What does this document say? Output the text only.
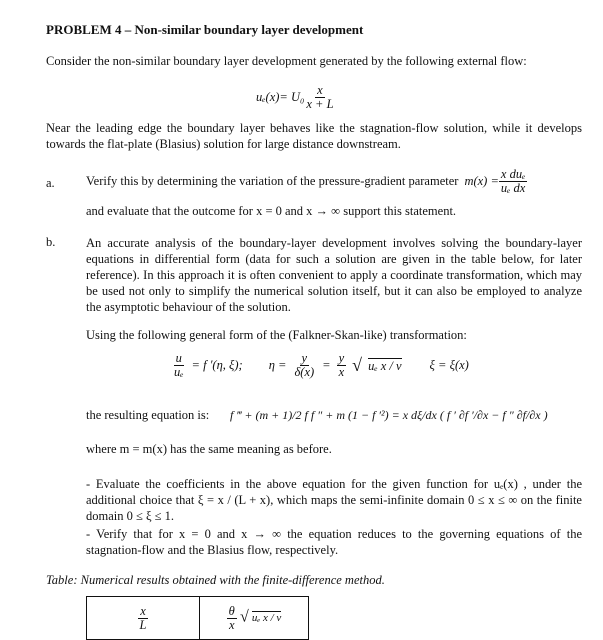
PROBLEM 4 – Non-similar boundary layer development
Consider the non-similar boundary layer development generated by the following external flow:
$u_e(x)= U_0 \frac{x}{x + L}$
Near the leading edge the boundary layer behaves like the stagnation-flow solution, while it develops towards the flat-plate (Blasius) solution for large distance downstream.
a.	Verify this by determining the variation of the pressure-gradient parameter $m(x) = \frac{\text{x duₑ}}{\text{uₑ dx}}$
and evaluate that the outcome for x = 0 and x → ∞ support this statement.
b. An accurate analysis of the boundary-layer development involves solving the boundary-layer equations in differential form (data for such a solution are given in the table below, for later reference). In this approach it is often convenient to apply a coordinate transformation, which may be used not only to simplify the numerical solution itself, but it can also be employed to analyze the asymptotic behaviour of the solution.
Using the following general form of the (Falkner-Skan-like) transformation:
$\frac{u}{\text{uₑ}} = f$ ′(η, ξ); $\eta = \frac{y}{\delta(x)} = \frac{y}{x}$ √ uₑ x / ν ξ = ξ(x)
the resulting equation is: f ‴ + (m + 1)/2 f f ″ + m (1 − f ′²) = x dξ/dx ( f ′ ∂f ′/∂x − f ″ ∂f/∂x )
where m = m(x) has the same meaning as before.
- Evaluate the coefficients in the above equation for the given function for uₑ(x) , under the additional choice that ξ = x / (L + x), which maps the semi-infinite domain 0 ≤ x ≤ ∞ on the finite domain 0 ≤ ξ ≤ 1.
- Verify that for x = 0 and x → ∞ the equation reduces to the governing equations of the stagnation-flow and the Blasius flow, respectively.
Table: Numerical results obtained with the finite-difference method.
$\frac{x}{L}$	$\frac{\theta}{x}$ √ uₑ x / ν
